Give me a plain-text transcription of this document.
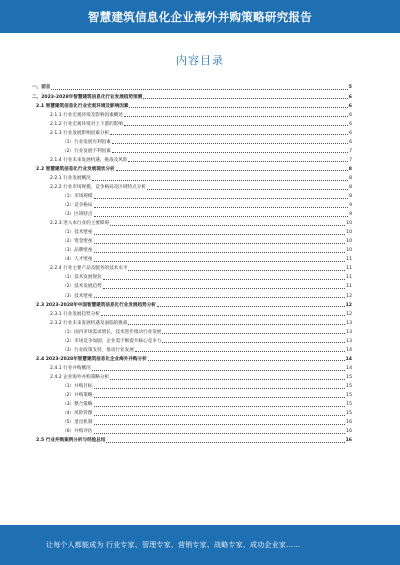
智慧建筑信息化企业海外并购策略研究报告
内容目录
一、前言	5
二、2023-2028年智慧建筑信息化行业发展趋势预测	6
2.1 智慧建筑信息化行业宏观环境及影响因素	6
2.1.1 行业宏观环境及影响因素概述	6
2.1.2 行业宏观环境对上下游的影响	6
2.1.3 行业发展影响因素分析	6
（1）行业发展有利因素	6
（2）行业发展不利因素	7
2.1.4 行业未来发展机遇、挑战及风险	7
2.2 智慧建筑信息化行业发展现状分析	8
2.2.1 行业发展概况	8
2.2.2 行业市场规模、竞争格局及区域特点分析	8
（1）市场规模	8
（2）竞争格局	9
（3）区域特点	9
2.2.3 进入本行业的主要障碍	10
（1）技术壁垒	10
（2）资金壁垒	10
（3）品牌壁垒	10
（4）人才壁垒	11
2.2.4 行业主要产品及服务的技术水平	11
（1）技术发展现状	11
（2）技术发展趋势	11
（3）技术壁垒	12
2.3 2023-2028年中国智慧建筑信息化行业发展趋势分析	12
2.3.1 行业发展趋势分析	12
2.3.2 行业未来发展机遇及面临的挑战	13
（1）国内市场需求增长，技术进步推动行业发展	13
（2）市场竞争加剧，企业需不断提升核心竞争力	13
（3）行业政策支持，推动行业发展	14
2.4 2023-2028年智慧建筑信息化企业海外并购分析	14
2.4.1 行业并购概况	14
2.4.2 企业海外并购策略分析	15
（1）并购目标	15
（2）并购策略	15
（3）整合策略	15
（4）风险管理	15
（5）退出机制	16
（6）并购评估	16
2.5 行业并购案例分析与经验总结	16
让每个人都能成为 行业专家、管理专家、营销专家、战略专家、成功企业家……
